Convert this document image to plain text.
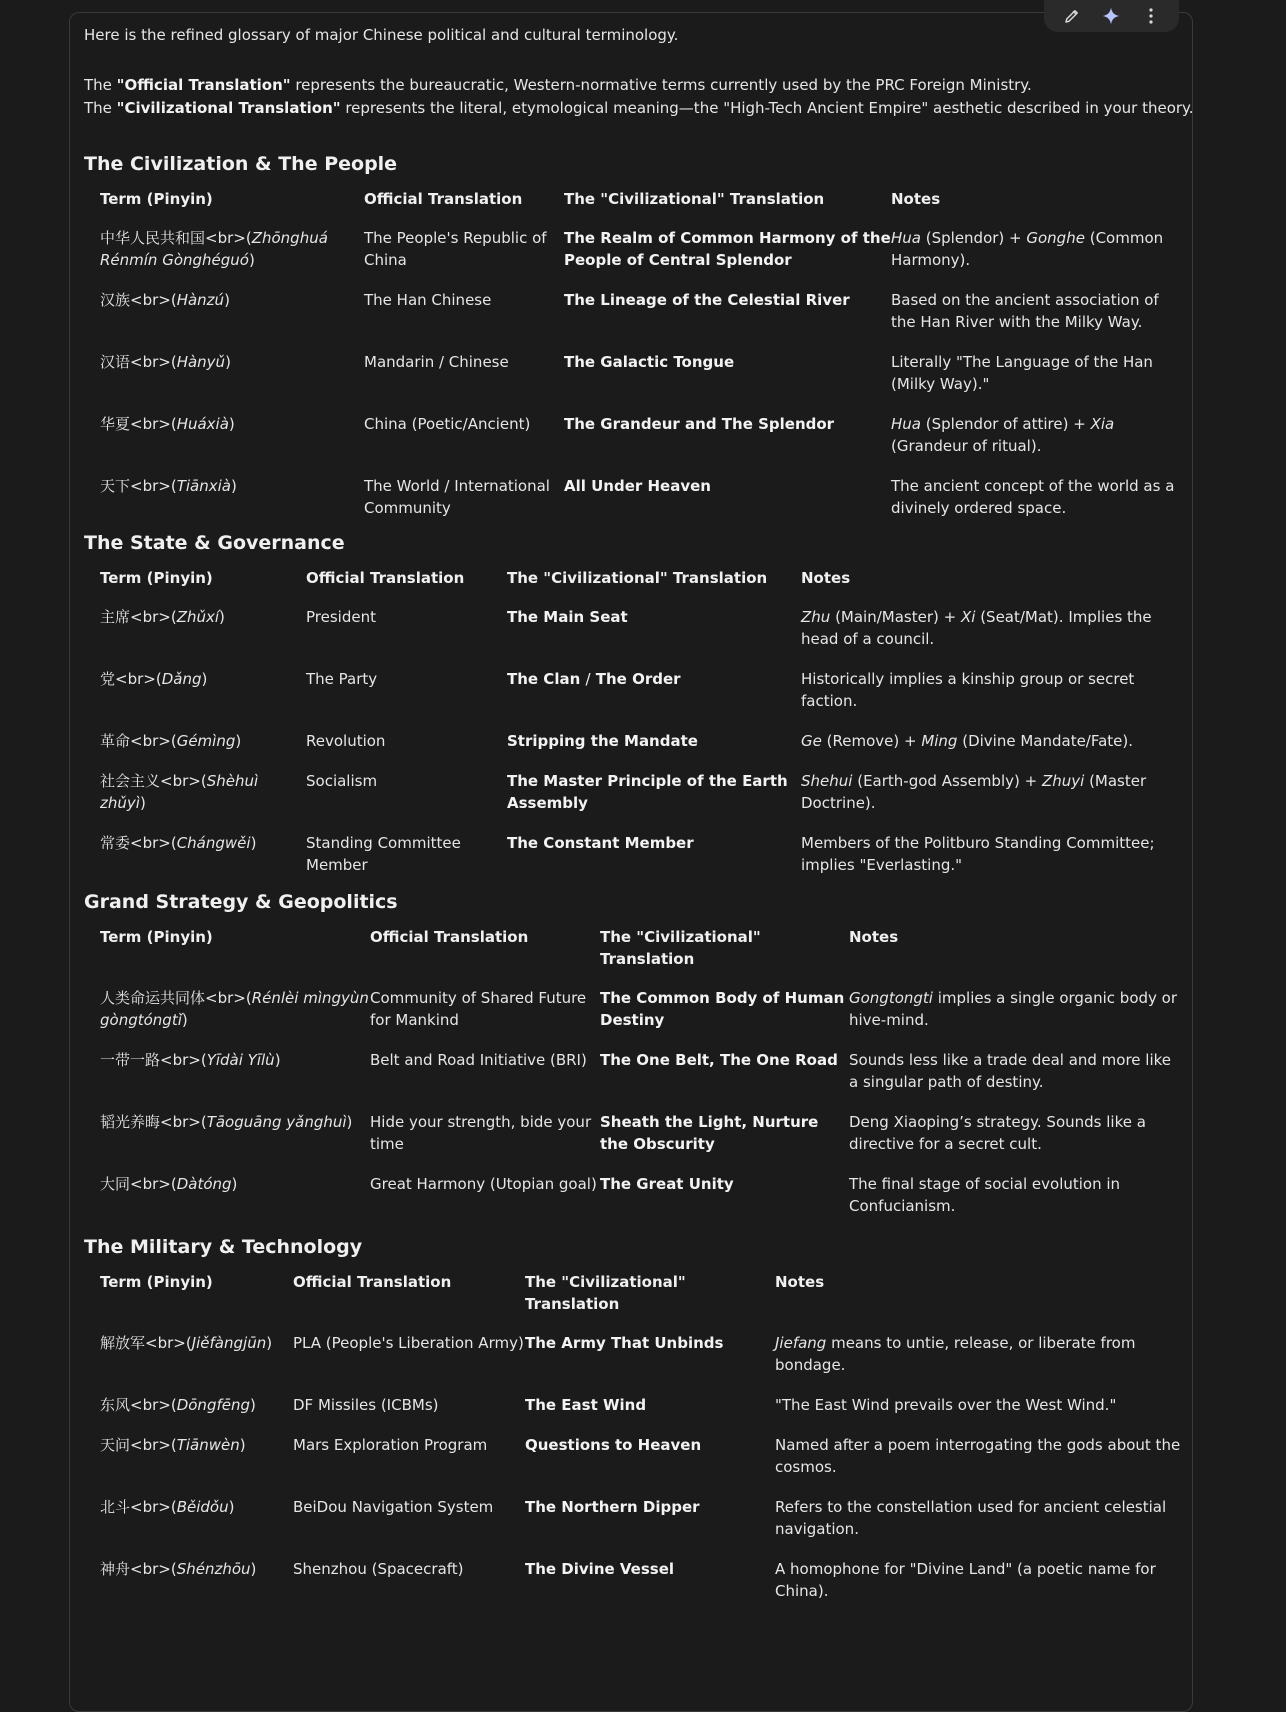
Here is the refined glossary of major Chinese political and cultural terminology.

The "Official Translation" represents the bureaucratic, Western-normative terms currently used by the PRC Foreign Ministry.
The "Civilizational Translation" represents the literal, etymological meaning—the "High-Tech Ancient Empire" aesthetic described in your theory.

The Civilization & The People
Term (Pinyin)	Official Translation	The "Civilizational" Translation	Notes
中华人民共和国<br>(Zhōnghuá Rénmín Gònghéguó)	The People's Republic of China	The Realm of Common Harmony of the People of Central Splendor	Hua (Splendor) + Gonghe (Common Harmony).
汉族<br>(Hànzú)	The Han Chinese	The Lineage of the Celestial River	Based on the ancient association of the Han River with the Milky Way.
汉语<br>(Hànyǔ)	Mandarin / Chinese	The Galactic Tongue	Literally "The Language of the Han (Milky Way)."
华夏<br>(Huáxià)	China (Poetic/Ancient)	The Grandeur and The Splendor	Hua (Splendor of attire) + Xia (Grandeur of ritual).
天下<br>(Tiānxià)	The World / International Community	All Under Heaven	The ancient concept of the world as a divinely ordered space.
The State & Governance
Term (Pinyin)	Official Translation	The "Civilizational" Translation	Notes
主席<br>(Zhǔxí)	President	The Main Seat	Zhu (Main/Master) + Xi (Seat/Mat). Implies the head of a council.
党<br>(Dǎng)	The Party	The Clan / The Order	Historically implies a kinship group or secret faction.
革命<br>(Gémìng)	Revolution	Stripping the Mandate	Ge (Remove) + Ming (Divine Mandate/Fate).
社会主义<br>(Shèhuì zhǔyì)	Socialism	The Master Principle of the Earth Assembly	Shehui (Earth-god Assembly) + Zhuyi (Master Doctrine).
常委<br>(Chángwěi)	Standing Committee Member	The Constant Member	Members of the Politburo Standing Committee; implies "Everlasting."
Grand Strategy & Geopolitics
Term (Pinyin)	Official Translation	The "Civilizational" Translation	Notes
人类命运共同体<br>(Rénlèi mìngyùn gòngtóngtǐ)	Community of Shared Future for Mankind	The Common Body of Human Destiny	Gongtongti implies a single organic body or hive-mind.
一带一路<br>(Yīdài Yīlù)	Belt and Road Initiative (BRI)	The One Belt, The One Road	Sounds less like a trade deal and more like a singular path of destiny.
韬光养晦<br>(Tāoguāng yǎnghuì)	Hide your strength, bide your time	Sheath the Light, Nurture the Obscurity	Deng Xiaoping’s strategy. Sounds like a directive for a secret cult.
大同<br>(Dàtóng)	Great Harmony (Utopian goal)	The Great Unity	The final stage of social evolution in Confucianism.
The Military & Technology
Term (Pinyin)	Official Translation	The "Civilizational" Translation	Notes
解放军<br>(Jiěfàngjūn)	PLA (People's Liberation Army)	The Army That Unbinds	Jiefang means to untie, release, or liberate from bondage.
东风<br>(Dōngfēng)	DF Missiles (ICBMs)	The East Wind	"The East Wind prevails over the West Wind."
天问<br>(Tiānwèn)	Mars Exploration Program	Questions to Heaven	Named after a poem interrogating the gods about the cosmos.
北斗<br>(Běidǒu)	BeiDou Navigation System	The Northern Dipper	Refers to the constellation used for ancient celestial navigation.
神舟<br>(Shénzhōu)	Shenzhou (Spacecraft)	The Divine Vessel	A homophone for "Divine Land" (a poetic name for China).
